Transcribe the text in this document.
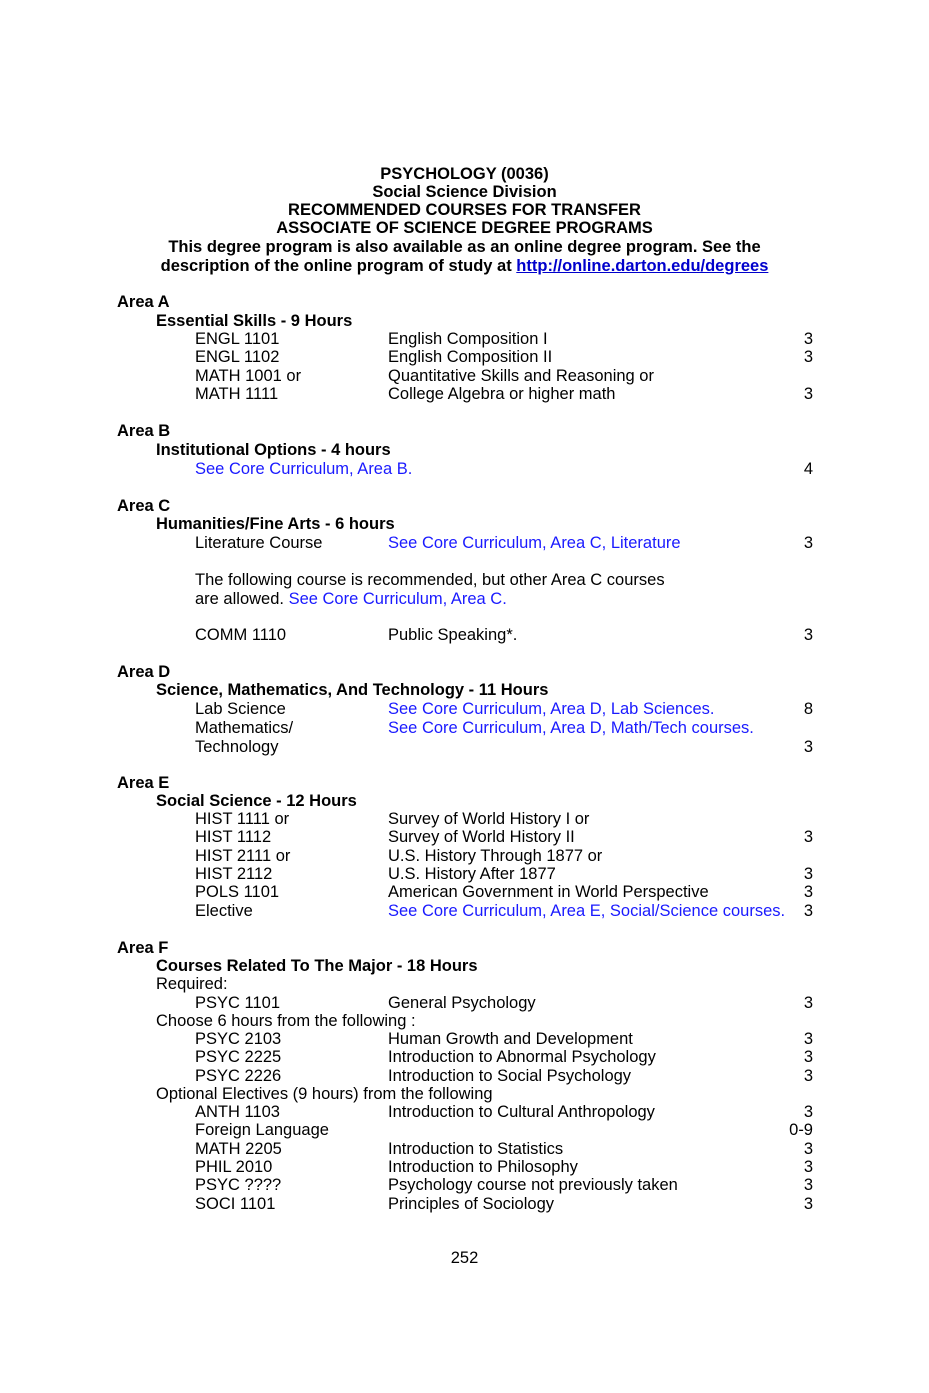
PSYCHOLOGY (0036)
Social Science Division
RECOMMENDED COURSES FOR TRANSFER
ASSOCIATE OF SCIENCE DEGREE PROGRAMS
This degree program is also available as an online degree program. See the
description of the online program of study at http://online.darton.edu/degrees
Area A
Essential Skills - 9 Hours
ENGL 1101	English Composition I	3
ENGL 1102	English Composition II	3
MATH 1001 or	Quantitative Skills and Reasoning or
MATH 1111	College Algebra or higher math	3
Area B
Institutional Options - 4 hours
See Core Curriculum, Area B.	4
Area C
Humanities/Fine Arts - 6 hours
Literature Course	See Core Curriculum, Area C, Literature	3
The following course is recommended, but other Area C courses
are allowed. See Core Curriculum, Area C.
COMM 1110	Public Speaking*.	3
Area D
Science, Mathematics, And Technology - 11 Hours
Lab Science	See Core Curriculum, Area D, Lab Sciences.	8
Mathematics/	See Core Curriculum, Area D, Math/Tech courses.
Technology	3
Area E
Social Science - 12 Hours
HIST 1111 or	Survey of World History I or
HIST 1112	Survey of World History II	3
HIST 2111 or	U.S. History Through 1877 or
HIST 2112	U.S. History After 1877	3
POLS 1101	American Government in World Perspective	3
Elective	See Core Curriculum, Area E, Social/Science courses. 3
Area F
Courses Related To The Major - 18 Hours
Required:
PSYC 1101	General Psychology	3
Choose 6 hours from the following :
PSYC 2103	Human Growth and Development	3
PSYC 2225	Introduction to Abnormal Psychology	3
PSYC 2226	Introduction to Social Psychology	3
Optional Electives (9 hours) from the following
ANTH 1103	Introduction to Cultural Anthropology	3
Foreign Language	0-9
MATH 2205	Introduction to Statistics	3
PHIL 2010	Introduction to Philosophy	3
PSYC ????	Psychology course not previously taken	3
SOCI 1101	Principles of Sociology	3
252
